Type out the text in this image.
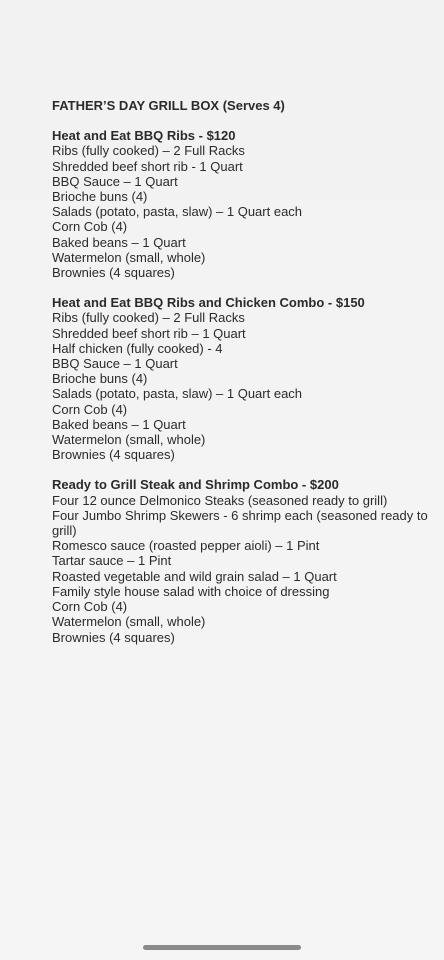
FATHER’S DAY GRILL BOX (Serves 4)
Heat and Eat BBQ Ribs - $120
Ribs (fully cooked) – 2 Full Racks
Shredded beef short rib - 1 Quart
BBQ Sauce – 1 Quart
Brioche buns (4)
Salads (potato, pasta, slaw) – 1 Quart each
Corn Cob (4)
Baked beans – 1 Quart
Watermelon (small, whole)
Brownies (4 squares)
Heat and Eat BBQ Ribs and Chicken Combo - $150
Ribs (fully cooked) – 2 Full Racks
Shredded beef short rib – 1 Quart
Half chicken (fully cooked) - 4
BBQ Sauce – 1 Quart
Brioche buns (4)
Salads (potato, pasta, slaw) – 1 Quart each
Corn Cob (4)
Baked beans – 1 Quart
Watermelon (small, whole)
Brownies (4 squares)
Ready to Grill Steak and Shrimp Combo - $200
Four 12 ounce Delmonico Steaks (seasoned ready to grill)
Four Jumbo Shrimp Skewers - 6 shrimp each (seasoned ready to grill)
Romesco sauce (roasted pepper aioli) – 1 Pint
Tartar sauce – 1 Pint
Roasted vegetable and wild grain salad – 1 Quart
Family style house salad with choice of dressing
Corn Cob (4)
Watermelon (small, whole)
Brownies (4 squares)
